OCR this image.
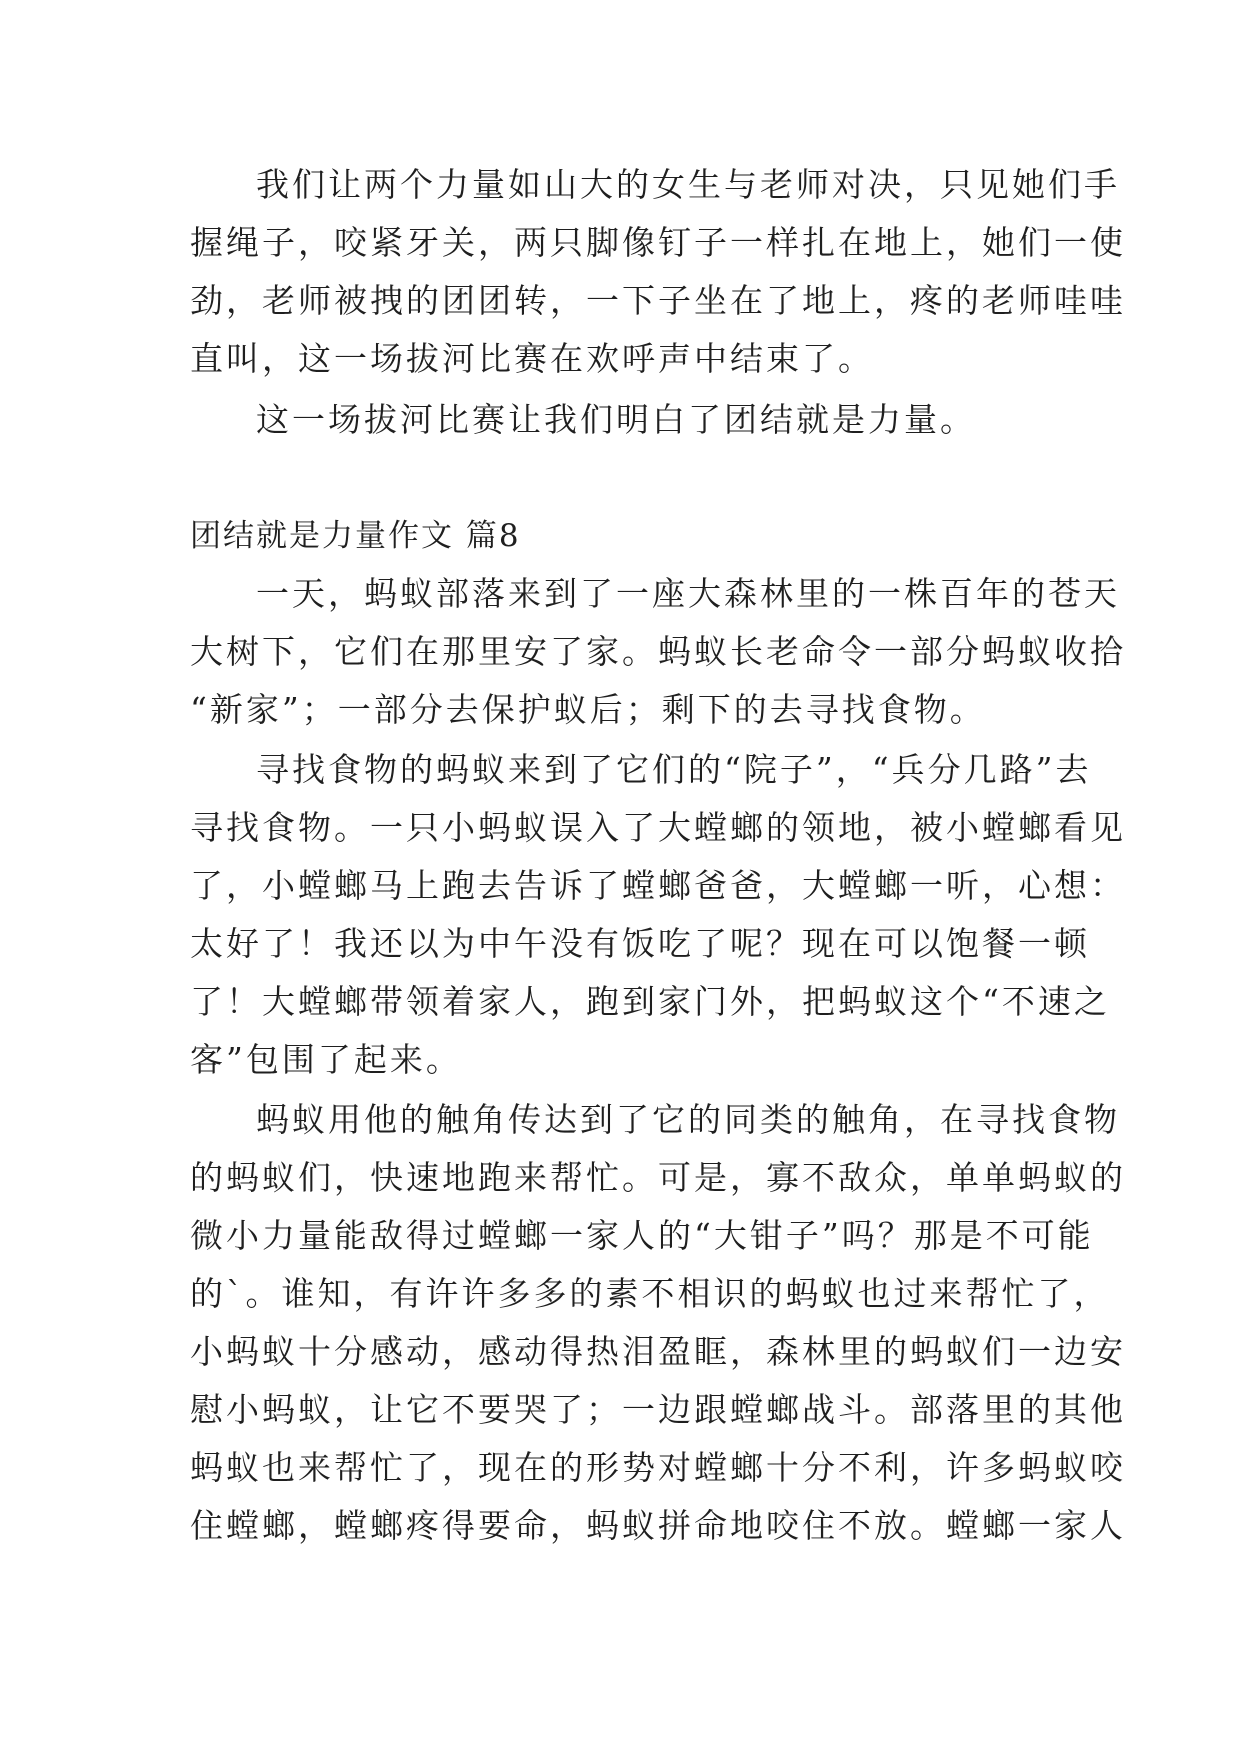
我们让两个力量如山大的女生与老师对决，只见她们手
握绳子，咬紧牙关，两只脚像钉子一样扎在地上，她们一使
劲，老师被拽的团团转，一下子坐在了地上，疼的老师哇哇
直叫，这一场拔河比赛在欢呼声中结束了。
这一场拔河比赛让我们明白了团结就是力量。
团结就是力量作文 篇8
一天，蚂蚁部落来到了一座大森林里的一株百年的苍天
大树下，它们在那里安了家。蚂蚁长老命令一部分蚂蚁收拾
“新家”；一部分去保护蚁后；剩下的去寻找食物。
寻找食物的蚂蚁来到了它们的“院子”，“兵分几路”去
寻找食物。一只小蚂蚁误入了大螳螂的领地，被小螳螂看见
了，小螳螂马上跑去告诉了螳螂爸爸，大螳螂一听，心想：
太好了！我还以为中午没有饭吃了呢？现在可以饱餐一顿
了！大螳螂带领着家人，跑到家门外，把蚂蚁这个“不速之
客”包围了起来。
蚂蚁用他的触角传达到了它的同类的触角，在寻找食物
的蚂蚁们，快速地跑来帮忙。可是，寡不敌众，单单蚂蚁的
微小力量能敌得过螳螂一家人的“大钳子”吗？那是不可能
的`。谁知，有许许多多的素不相识的蚂蚁也过来帮忙了，
小蚂蚁十分感动，感动得热泪盈眶，森林里的蚂蚁们一边安
慰小蚂蚁，让它不要哭了；一边跟螳螂战斗。部落里的其他
蚂蚁也来帮忙了，现在的形势对螳螂十分不利，许多蚂蚁咬
住螳螂，螳螂疼得要命，蚂蚁拼命地咬住不放。螳螂一家人
